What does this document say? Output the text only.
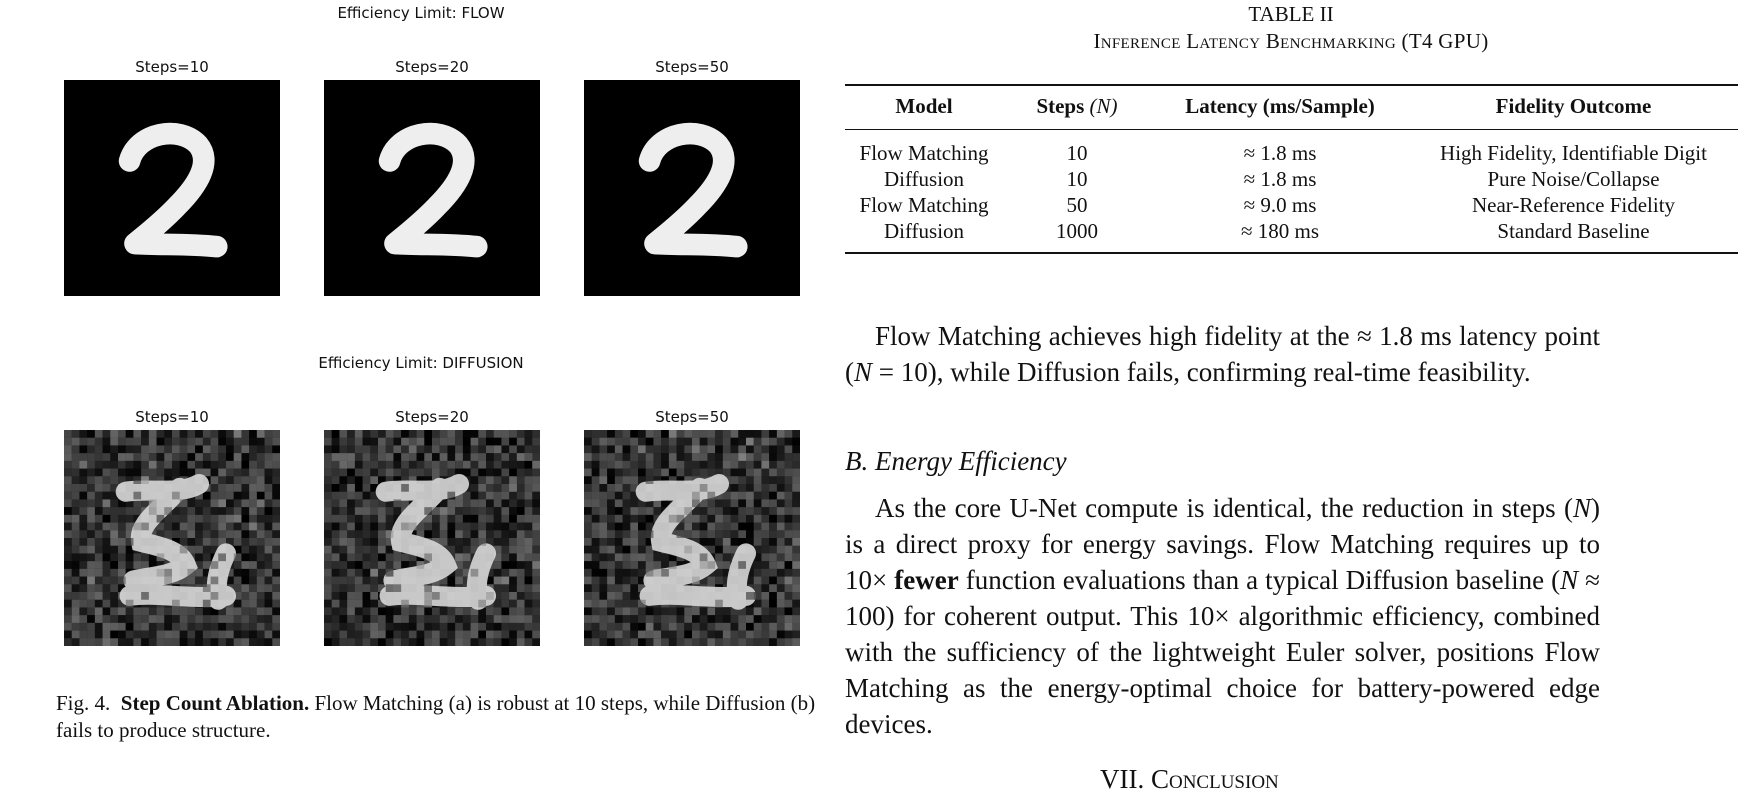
Efficiency Limit: FLOW
Steps=10	Steps=20	Steps=50
Efficiency Limit: DIFFUSION
Steps=10	Steps=20	Steps=50
Fig. 4. Step Count Ablation. Flow Matching (a) is robust at 10 steps, while Diffusion (b) fails to produce structure.
TABLE II
Inference Latency Benchmarking (T4 GPU)
Model	Steps (N)	Latency (ms/Sample)	Fidelity Outcome
Flow Matching	10	≈ 1.8 ms	High Fidelity, Identifiable Digit
Diffusion	10	≈ 1.8 ms	Pure Noise/Collapse
Flow Matching	50	≈ 9.0 ms	Near-Reference Fidelity
Diffusion	1000	≈ 180 ms	Standard Baseline
Flow Matching achieves high fidelity at the ≈ 1.8 ms latency point (N = 10), while Diffusion fails, confirming real-time feasibility.
B. Energy Efficiency
As the core U-Net compute is identical, the reduction in steps (N) is a direct proxy for energy savings. Flow Matching requires up to 10× fewer function evaluations than a typical Diffusion baseline (N ≈ 100) for coherent output. This 10× algorithmic efficiency, combined with the sufficiency of the lightweight Euler solver, positions Flow Matching as the energy-optimal choice for battery-powered edge devices.
VII. Conclusion
